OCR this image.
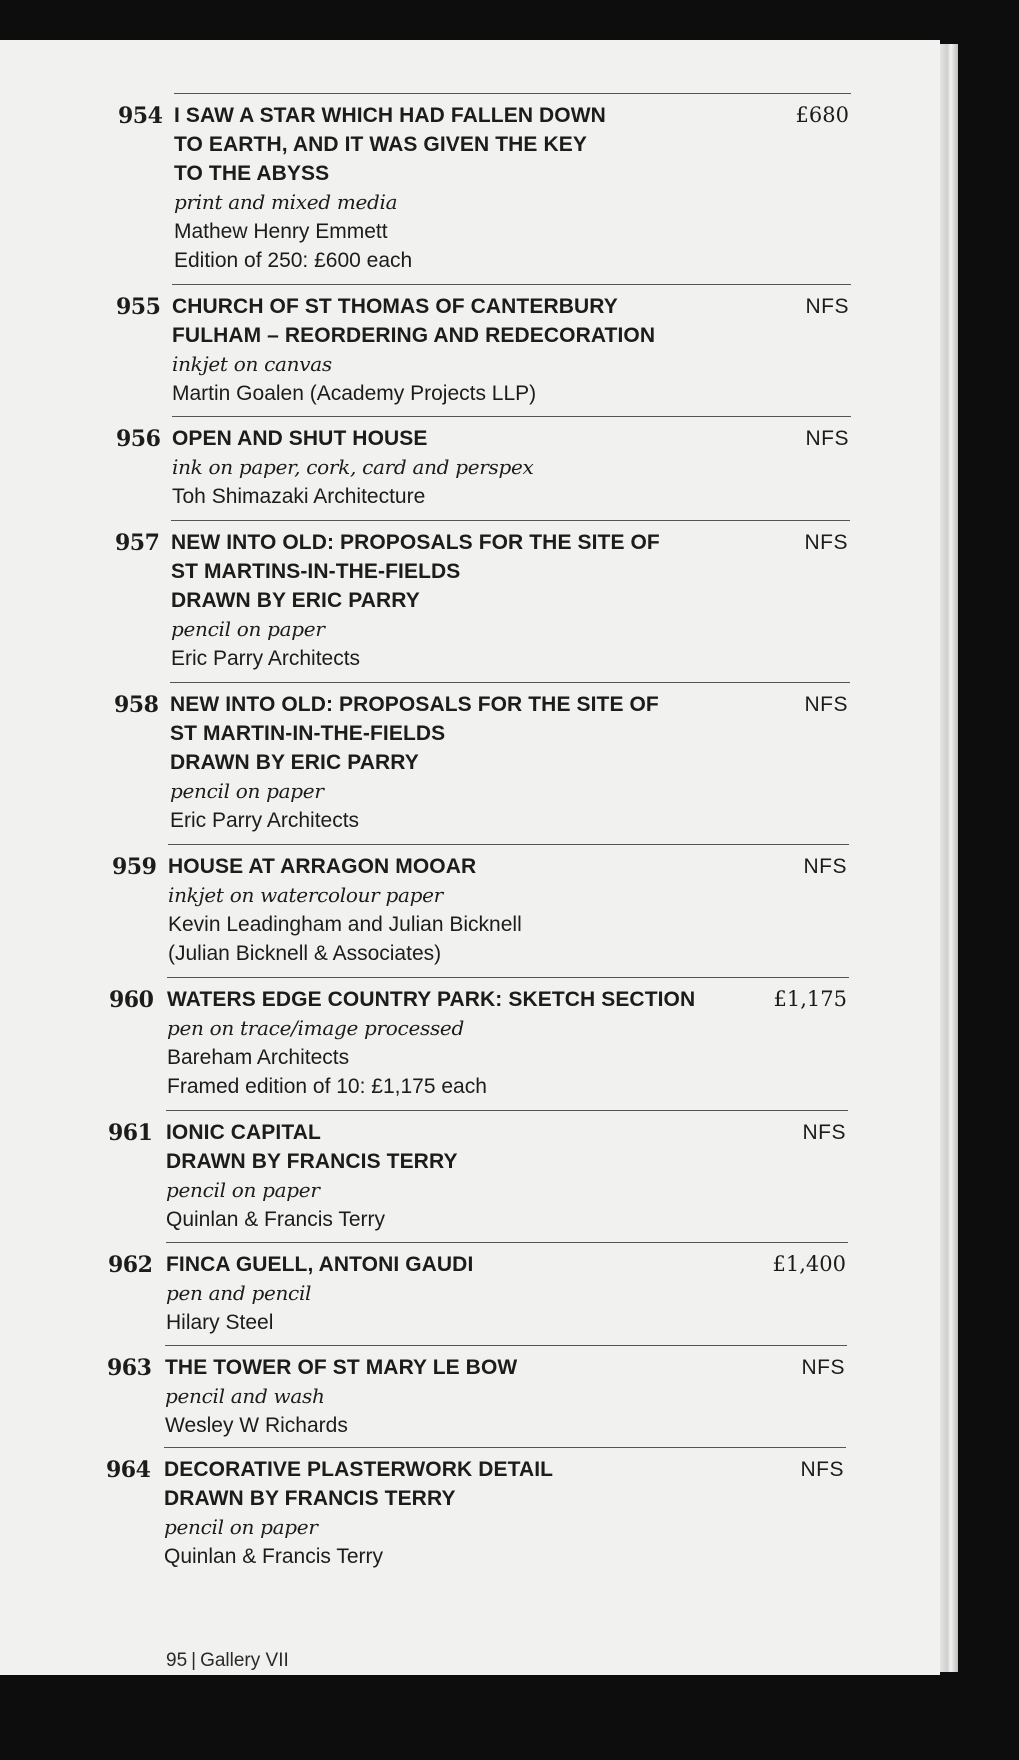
954 I SAW A STAR WHICH HAD FALLEN DOWN
TO EARTH, AND IT WAS GIVEN THE KEY
TO THE ABYSS
print and mixed media
Mathew Henry Emmett
Edition of 250: £600 each
£680
955 CHURCH OF ST THOMAS OF CANTERBURY
FULHAM – REORDERING AND REDECORATION
inkjet on canvas
Martin Goalen (Academy Projects LLP)
NFS
956 OPEN AND SHUT HOUSE
ink on paper, cork, card and perspex
Toh Shimazaki Architecture
NFS
957 NEW INTO OLD: PROPOSALS FOR THE SITE OF
ST MARTINS-IN-THE-FIELDS
DRAWN BY ERIC PARRY
pencil on paper
Eric Parry Architects
NFS
958 NEW INTO OLD: PROPOSALS FOR THE SITE OF
ST MARTIN-IN-THE-FIELDS
DRAWN BY ERIC PARRY
pencil on paper
Eric Parry Architects
NFS
959 HOUSE AT ARRAGON MOOAR
inkjet on watercolour paper
Kevin Leadingham and Julian Bicknell
(Julian Bicknell & Associates)
NFS
960 WATERS EDGE COUNTRY PARK: SKETCH SECTION
pen on trace/image processed
Bareham Architects
Framed edition of 10: £1,175 each
£1,175
961 IONIC CAPITAL
DRAWN BY FRANCIS TERRY
pencil on paper
Quinlan & Francis Terry
NFS
962 FINCA GUELL, ANTONI GAUDI
pen and pencil
Hilary Steel
£1,400
963 THE TOWER OF ST MARY LE BOW
pencil and wash
Wesley W Richards
NFS
964 DECORATIVE PLASTERWORK DETAIL
DRAWN BY FRANCIS TERRY
pencil on paper
Quinlan & Francis Terry
NFS
95 | Gallery VII
